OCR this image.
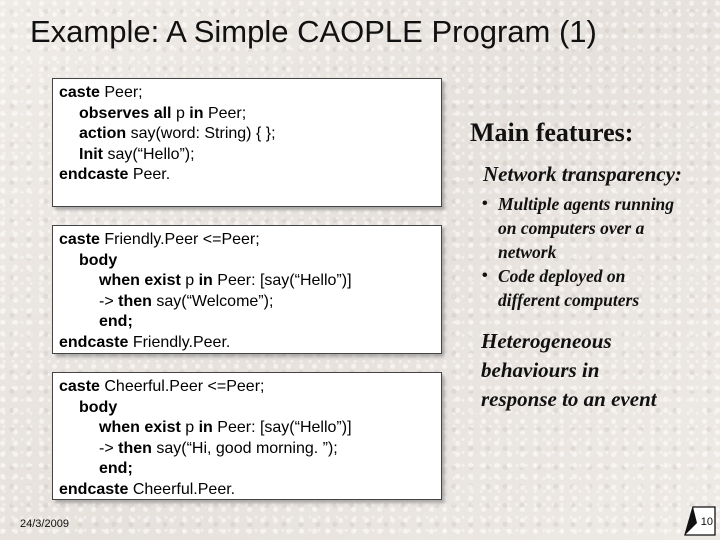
Example: A Simple CAOPLE Program (1)
caste Peer;
observes all p in Peer;
action say(word: String) { };
Init say(“Hello”);
endcaste Peer.
caste Friendly.Peer <=Peer;
body
when exist p in Peer: [say(“Hello”)]
-> then say(“Welcome”);
end;
endcaste Friendly.Peer.
caste Cheerful.Peer <=Peer;
body
when exist p in Peer: [say(“Hello”)]
-> then say(“Hi, good morning. ”);
end;
endcaste Cheerful.Peer.
Main features:
Network transparency:
• Multiple agents running
on computers over a
network
• Code deployed on
different computers
Heterogeneous
behaviours in
response to an event
24/3/2009	10
